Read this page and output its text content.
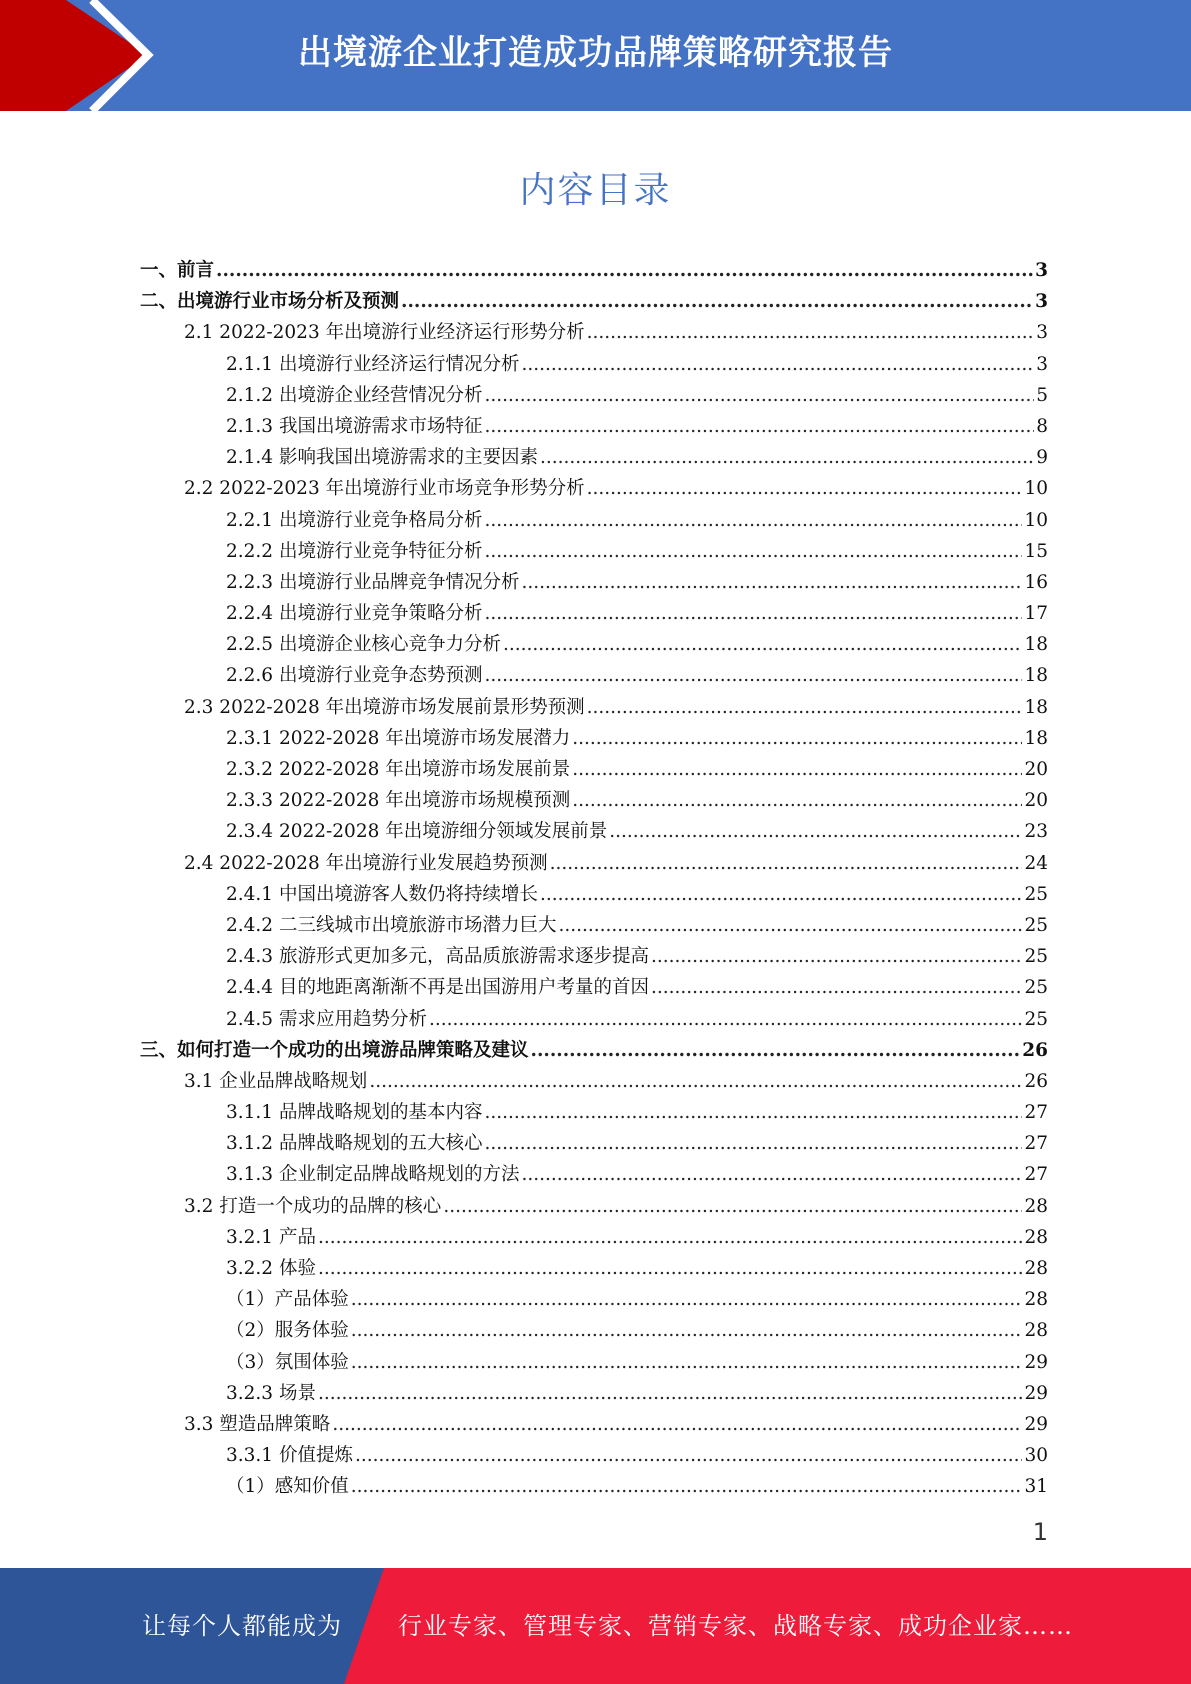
出境游企业打造成功品牌策略研究报告
内容目录
一、前言 .....	3
二、出境游行业市场分析及预测 .....	3
2.1 2022-2023 年出境游行业经济运行形势分析 .....	3
2.1.1 出境游行业经济运行情况分析 .....	3
2.1.2 出境游企业经营情况分析 .....	5
2.1.3 我国出境游需求市场特征 .....	8
2.1.4 影响我国出境游需求的主要因素 .....	9
2.2 2022-2023 年出境游行业市场竞争形势分析 .....	10
2.2.1 出境游行业竞争格局分析 .....	10
2.2.2 出境游行业竞争特征分析 .....	15
2.2.3 出境游行业品牌竞争情况分析 .....	16
2.2.4 出境游行业竞争策略分析 .....	17
2.2.5 出境游企业核心竞争力分析 .....	18
2.2.6 出境游行业竞争态势预测 .....	18
2.3 2022-2028 年出境游市场发展前景形势预测 .....	18
2.3.1 2022-2028 年出境游市场发展潜力 .....	18
2.3.2 2022-2028 年出境游市场发展前景 .....	20
2.3.3 2022-2028 年出境游市场规模预测 .....	20
2.3.4 2022-2028 年出境游细分领域发展前景 .....	23
2.4 2022-2028 年出境游行业发展趋势预测 .....	24
2.4.1 中国出境游客人数仍将持续增长 .....	25
2.4.2 二三线城市出境旅游市场潜力巨大 .....	25
2.4.3 旅游形式更加多元，高品质旅游需求逐步提高 .....	25
2.4.4 目的地距离渐渐不再是出国游用户考量的首因 .....	25
2.4.5 需求应用趋势分析 .....	25
三、如何打造一个成功的出境游品牌策略及建议 .....	26
3.1 企业品牌战略规划 .....	26
3.1.1 品牌战略规划的基本内容 .....	27
3.1.2 品牌战略规划的五大核心 .....	27
3.1.3 企业制定品牌战略规划的方法 .....	27
3.2 打造一个成功的品牌的核心 .....	28
3.2.1 产品 .....	28
3.2.2 体验 .....	28
（1）产品体验 .....	28
（2）服务体验 .....	28
（3）氛围体验 .....	29
3.2.3 场景 .....	29
3.3 塑造品牌策略 .....	29
3.3.1 价值提炼 .....	30
（1）感知价值 .....	31
1
让每个人都能成为 行业专家、管理专家、营销专家、战略专家、成功企业家……
